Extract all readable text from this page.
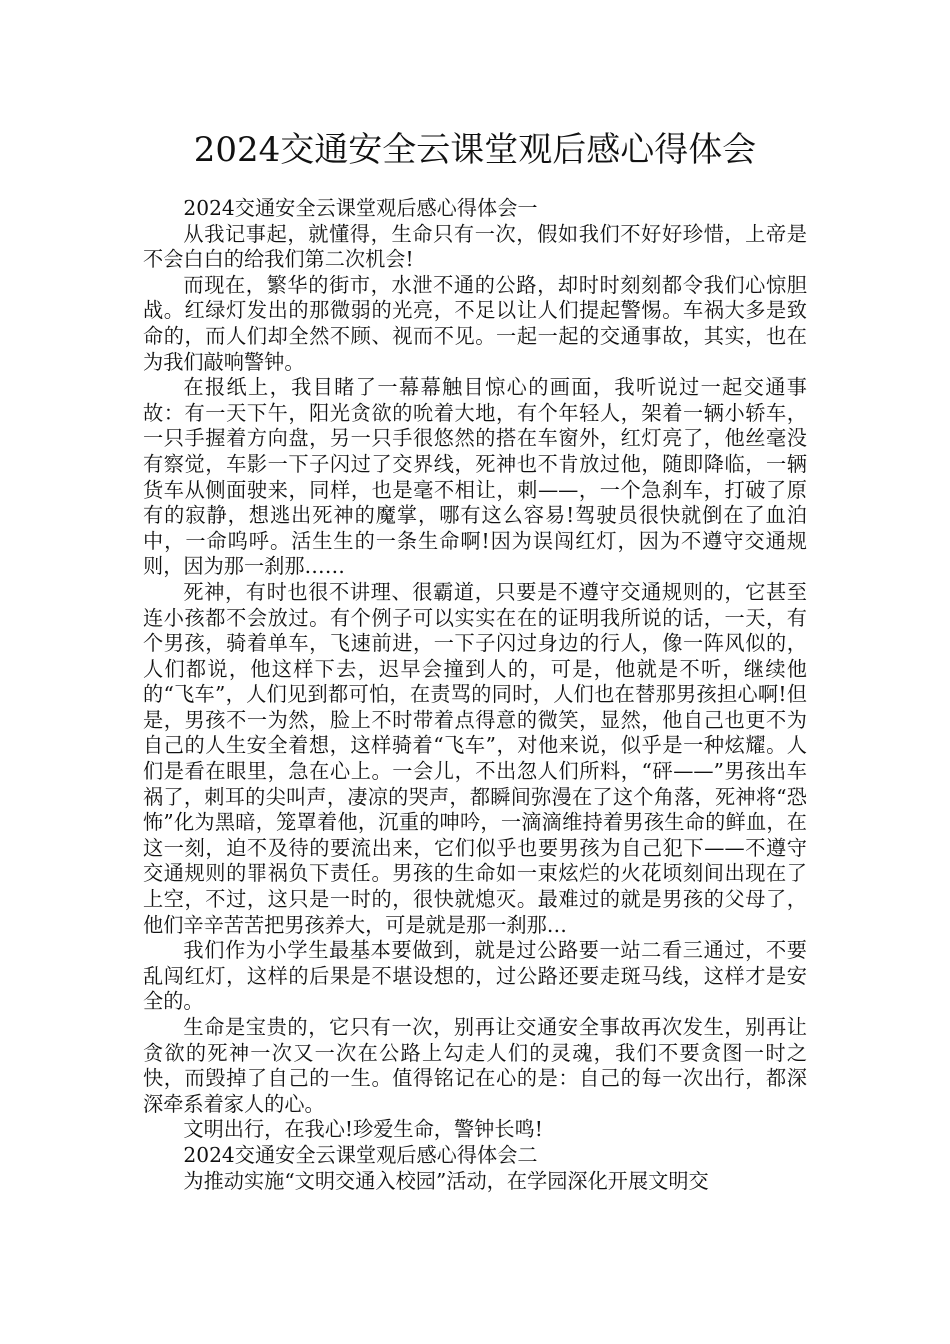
2024交通安全云课堂观后感心得体会

2024交通安全云课堂观后感心得体会一

从我记事起，就懂得，生命只有一次，假如我们不好好珍惜，上帝是不会白白的给我们第二次机会!

而现在，繁华的街市，水泄不通的公路，却时时刻刻都令我们心惊胆战。红绿灯发出的那微弱的光亮，不足以让人们提起警惕。车祸大多是致命的，而人们却全然不顾、视而不见。一起一起的交通事故，其实，也在为我们敲响警钟。

在报纸上，我目睹了一幕幕触目惊心的画面，我听说过一起交通事故：有一天下午，阳光贪欲的吮着大地，有个年轻人，架着一辆小轿车，一只手握着方向盘，另一只手很悠然的搭在车窗外，红灯亮了，他丝毫没有察觉，车影一下子闪过了交界线，死神也不肯放过他，随即降临，一辆货车从侧面驶来，同样，也是毫不相让，刺——，一个急刹车，打破了原有的寂静，想逃出死神的魔掌，哪有这么容易!驾驶员很快就倒在了血泊中，一命呜呼。活生生的一条生命啊!因为误闯红灯，因为不遵守交通规则，因为那一刹那……

死神，有时也很不讲理、很霸道，只要是不遵守交通规则的，它甚至连小孩都不会放过。有个例子可以实实在在的证明我所说的话，一天，有个男孩，骑着单车，飞速前进，一下子闪过身边的行人，像一阵风似的，人们都说，他这样下去，迟早会撞到人的，可是，他就是不听，继续他的“飞车”，人们见到都可怕，在责骂的同时，人们也在替那男孩担心啊!但是，男孩不一为然，脸上不时带着点得意的微笑，显然，他自己也更不为自己的人生安全着想，这样骑着“飞车”，对他来说，似乎是一种炫耀。人们是看在眼里，急在心上。一会儿，不出忽人们所料，“砰——”男孩出车祸了，刺耳的尖叫声，凄凉的哭声，都瞬间弥漫在了这个角落，死神将“恐怖”化为黑暗，笼罩着他，沉重的呻吟，一滴滴维持着男孩生命的鲜血，在这一刻，迫不及待的要流出来，它们似乎也要男孩为自己犯下——不遵守交通规则的罪祸负下责任。男孩的生命如一束炫烂的火花顷刻间出现在了上空，不过，这只是一时的，很快就熄灭。最难过的就是男孩的父母了，他们辛辛苦苦把男孩养大，可是就是那一刹那…

我们作为小学生最基本要做到，就是过公路要一站二看三通过，不要乱闯红灯，这样的后果是不堪设想的，过公路还要走斑马线，这样才是安全的。

生命是宝贵的，它只有一次，别再让交通安全事故再次发生，别再让贪欲的死神一次又一次在公路上勾走人们的灵魂，我们不要贪图一时之快，而毁掉了自己的一生。值得铭记在心的是：自己的每一次出行，都深深牵系着家人的心。

文明出行，在我心!珍爱生命，警钟长鸣!

2024交通安全云课堂观后感心得体会二

为推动实施“文明交通入校园”活动，在学园深化开展文明交
